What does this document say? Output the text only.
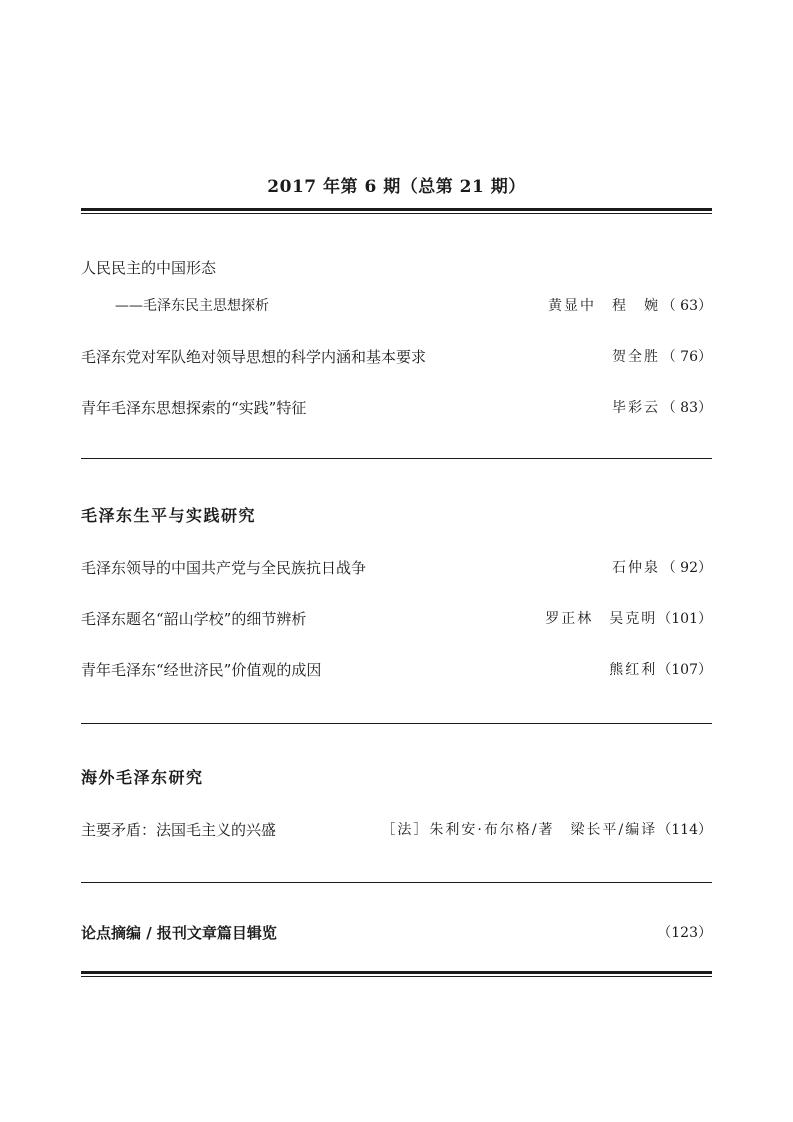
2017 年第 6 期（总第 21 期）
人民民主的中国形态
——毛泽东民主思想探析	黄显中　程　婉 （ 63）
毛泽东党对军队绝对领导思想的科学内涵和基本要求	贺全胜 （ 76）
青年毛泽东思想探索的“实践”特征	毕彩云 （ 83）
毛泽东生平与实践研究
毛泽东领导的中国共产党与全民族抗日战争	石仲泉 （ 92）
毛泽东题名“韶山学校”的细节辨析	罗正林　吴克明（101）
青年毛泽东“经世济民”价值观的成因	熊红利（107）
海外毛泽东研究
主要矛盾：法国毛主义的兴盛	［法］朱利安·布尔格/著　梁长平/编译（114）
论点摘编 / 报刊文章篇目辑览	（123）
